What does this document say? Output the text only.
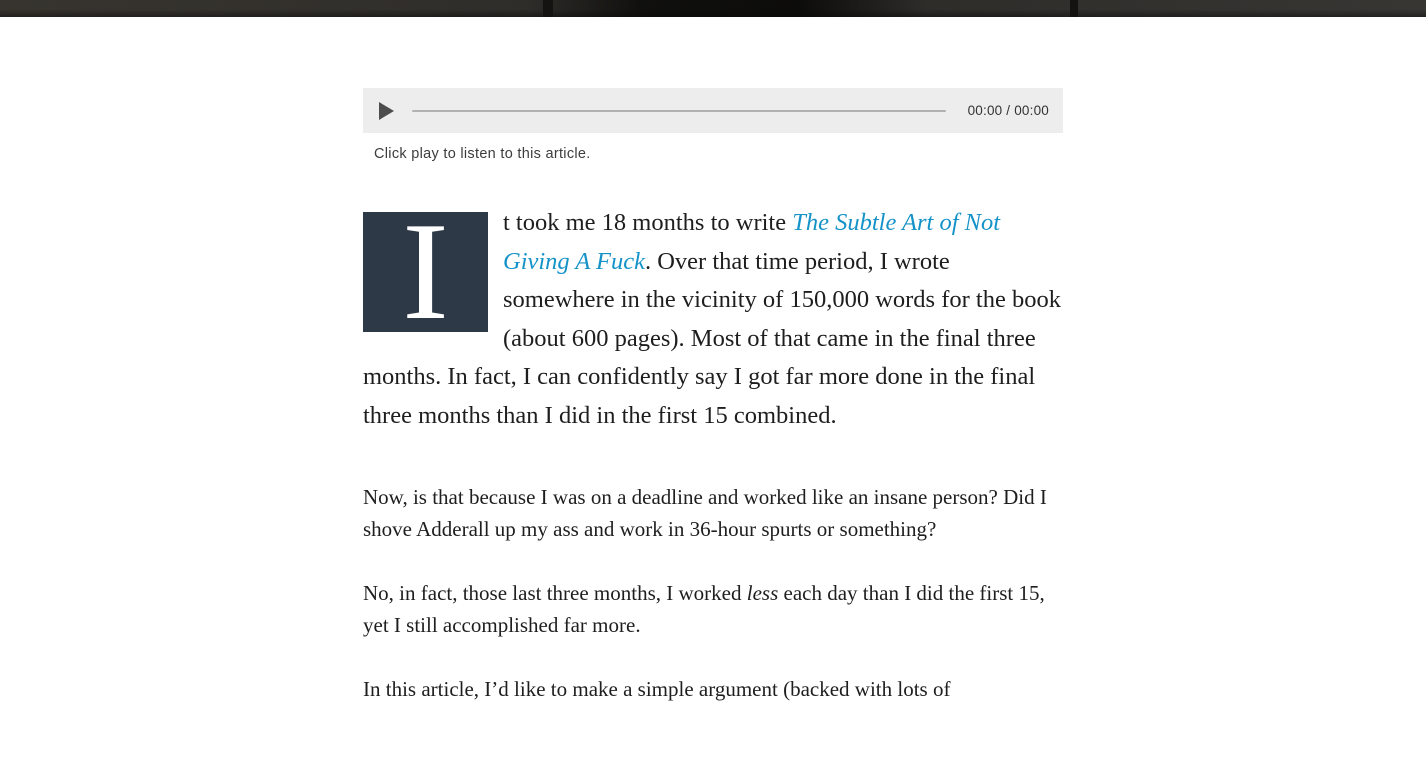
00:00 / 00:00
Click play to listen to this article.

I	t took me 18 months to write The Subtle Art of Not Giving A Fuck. Over that time period, I wrote somewhere in the vicinity of 150,000 words for the book (about 600 pages). Most of that came in the final three months. In fact, I can confidently say I got far more done in the final three months than I did in the first 15 combined.

Now, is that because I was on a deadline and worked like an insane person? Did I shove Adderall up my ass and work in 36-hour spurts or something?

No, in fact, those last three months, I worked less each day than I did the first 15, yet I still accomplished far more.

In this article, I’d like to make a simple argument (backed with lots of
